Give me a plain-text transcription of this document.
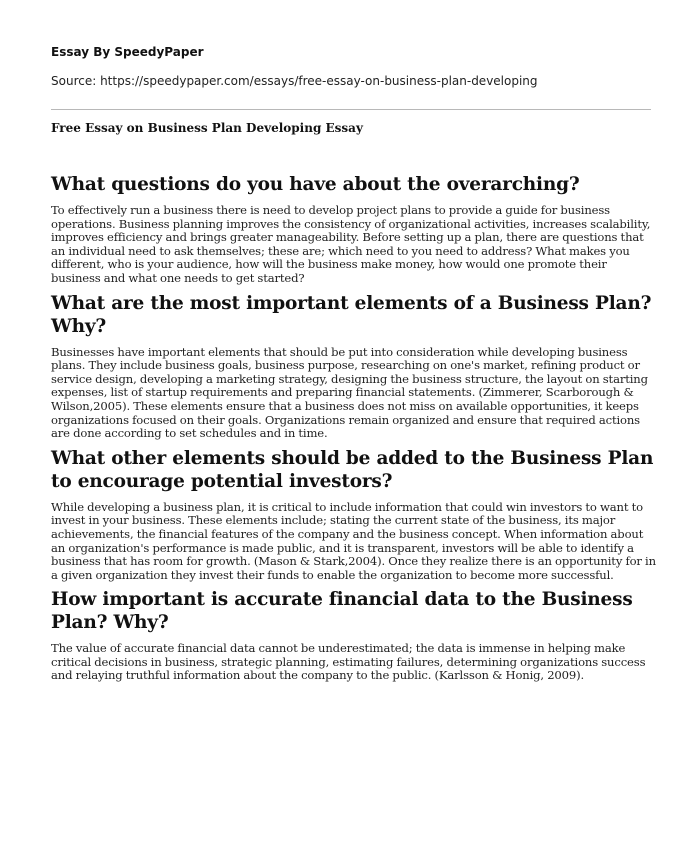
Essay By SpeedyPaper
Source: https://speedypaper.com/essays/free-essay-on-business-plan-developing
Free Essay on Business Plan Developing Essay
What questions do you have about the overarching?

To effectively run a business there is need to develop project plans to provide a guide for business operations. Business planning improves the consistency of organizational activities, increases scalability, improves efficiency and brings greater manageability. Before setting up a plan, there are questions that an individual need to ask themselves; these are; which need to you need to address? What makes you different, who is your audience, how will the business make money, how would one promote their business and what one needs to get started?

What are the most important elements of a Business Plan? Why?

Businesses have important elements that should be put into consideration while developing business plans. They include business goals, business purpose, researching on one's market, refining product or service design, developing a marketing strategy, designing the business structure, the layout on starting expenses, list of startup requirements and preparing financial statements. (Zimmerer, Scarborough & Wilson,2005). These elements ensure that a business does not miss on available opportunities, it keeps organizations focused on their goals. Organizations remain organized and ensure that required actions are done according to set schedules and in time.

What other elements should be added to the Business Plan to encourage potential investors?

While developing a business plan, it is critical to include information that could win investors to want to invest in your business. These elements include; stating the current state of the business, its major achievements, the financial features of the company and the business concept. When information about an organization's performance is made public, and it is transparent, investors will be able to identify a business that has room for growth. (Mason & Stark,2004). Once they realize there is an opportunity for in a given organization they invest their funds to enable the organization to become more successful.

How important is accurate financial data to the Business Plan? Why?

The value of accurate financial data cannot be underestimated; the data is immense in helping make critical decisions in business, strategic planning, estimating failures, determining organizations success and relaying truthful information about the company to the public. (Karlsson & Honig, 2009).
